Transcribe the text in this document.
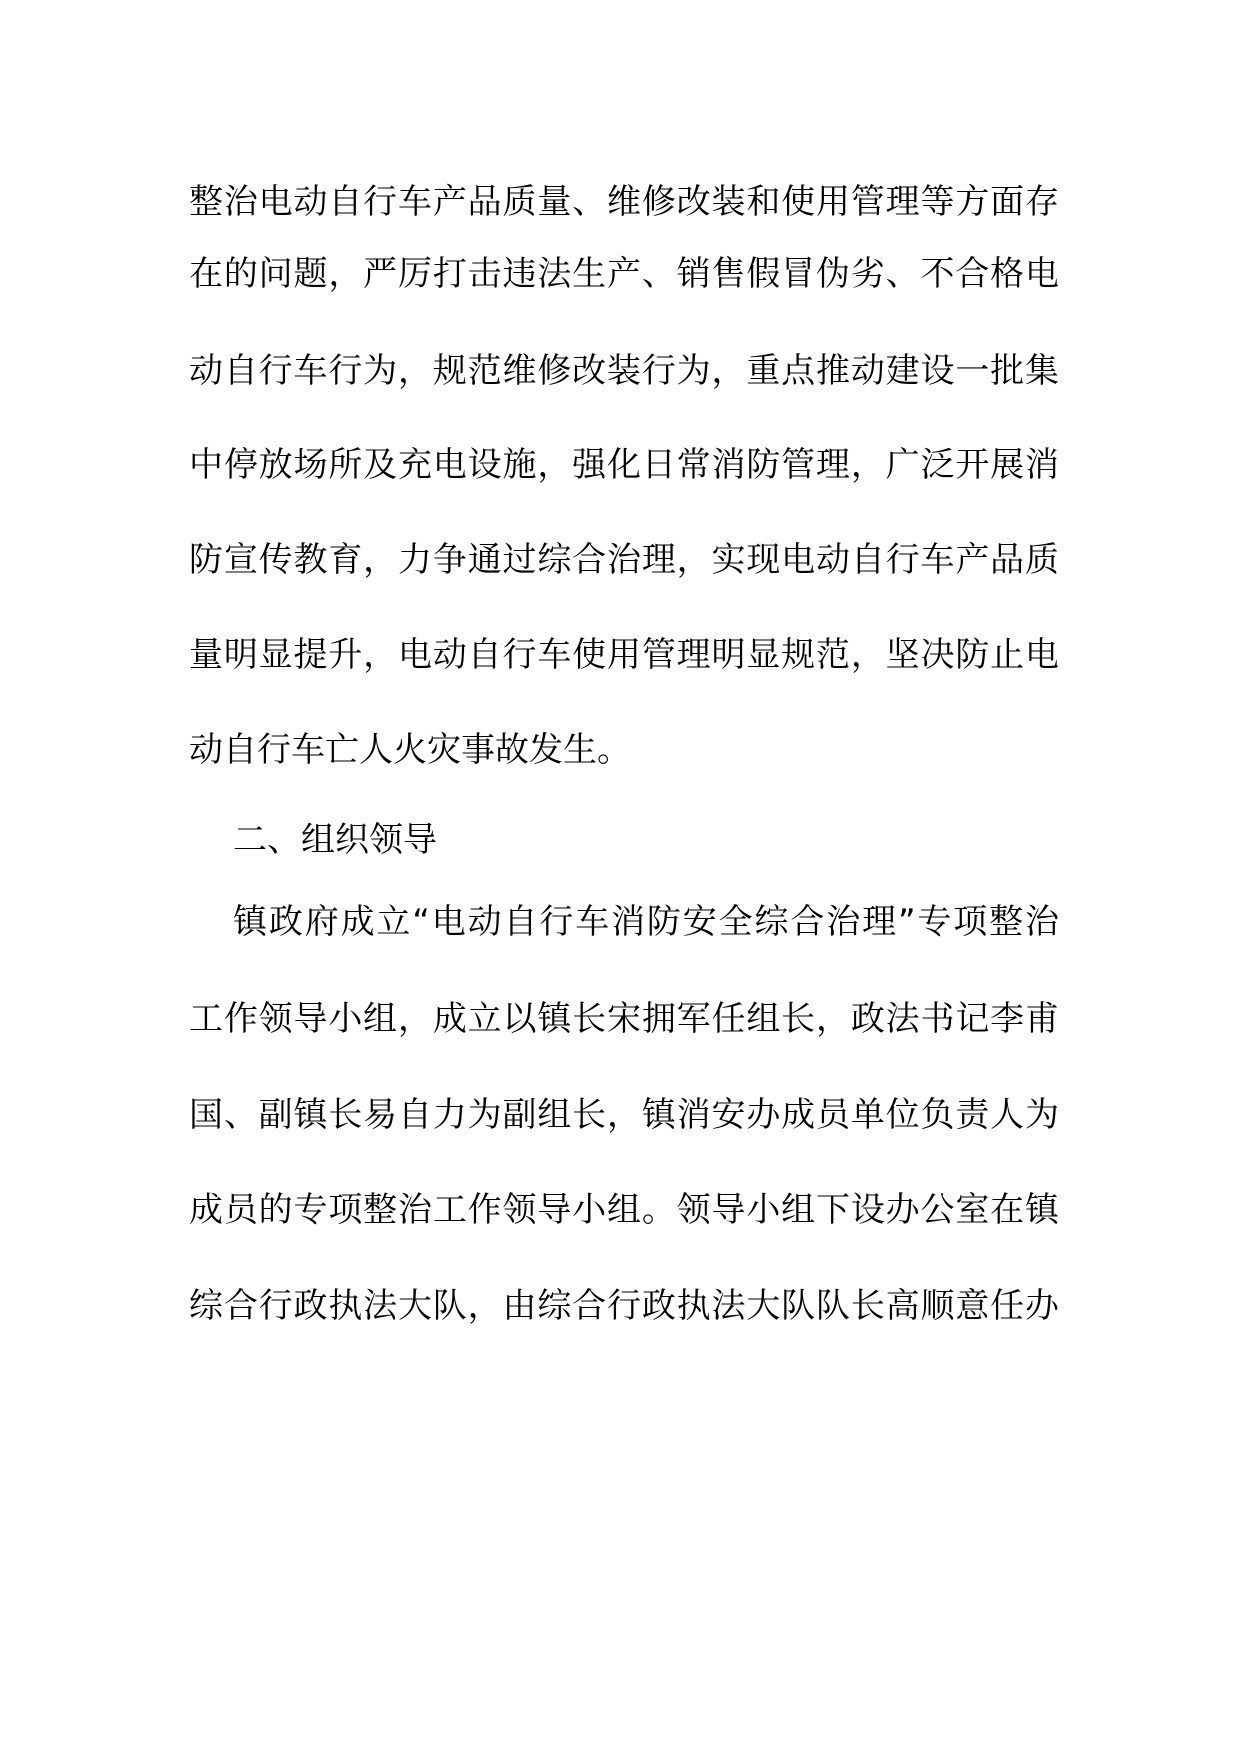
整治电动自行车产品质量、维修改装和使用管理等方面存
在的问题，严厉打击违法生产、销售假冒伪劣、不合格电
动自行车行为，规范维修改装行为，重点推动建设一批集
中停放场所及充电设施，强化日常消防管理，广泛开展消
防宣传教育，力争通过综合治理，实现电动自行车产品质
量明显提升，电动自行车使用管理明显规范，坚决防止电
动自行车亡人火灾事故发生。
二、组织领导
镇政府成立“电动自行车消防安全综合治理”专项整治
工作领导小组，成立以镇长宋拥军任组长，政法书记李甫
国、副镇长易自力为副组长，镇消安办成员单位负责人为
成员的专项整治工作领导小组。领导小组下设办公室在镇
综合行政执法大队，由综合行政执法大队队长高顺意任办
